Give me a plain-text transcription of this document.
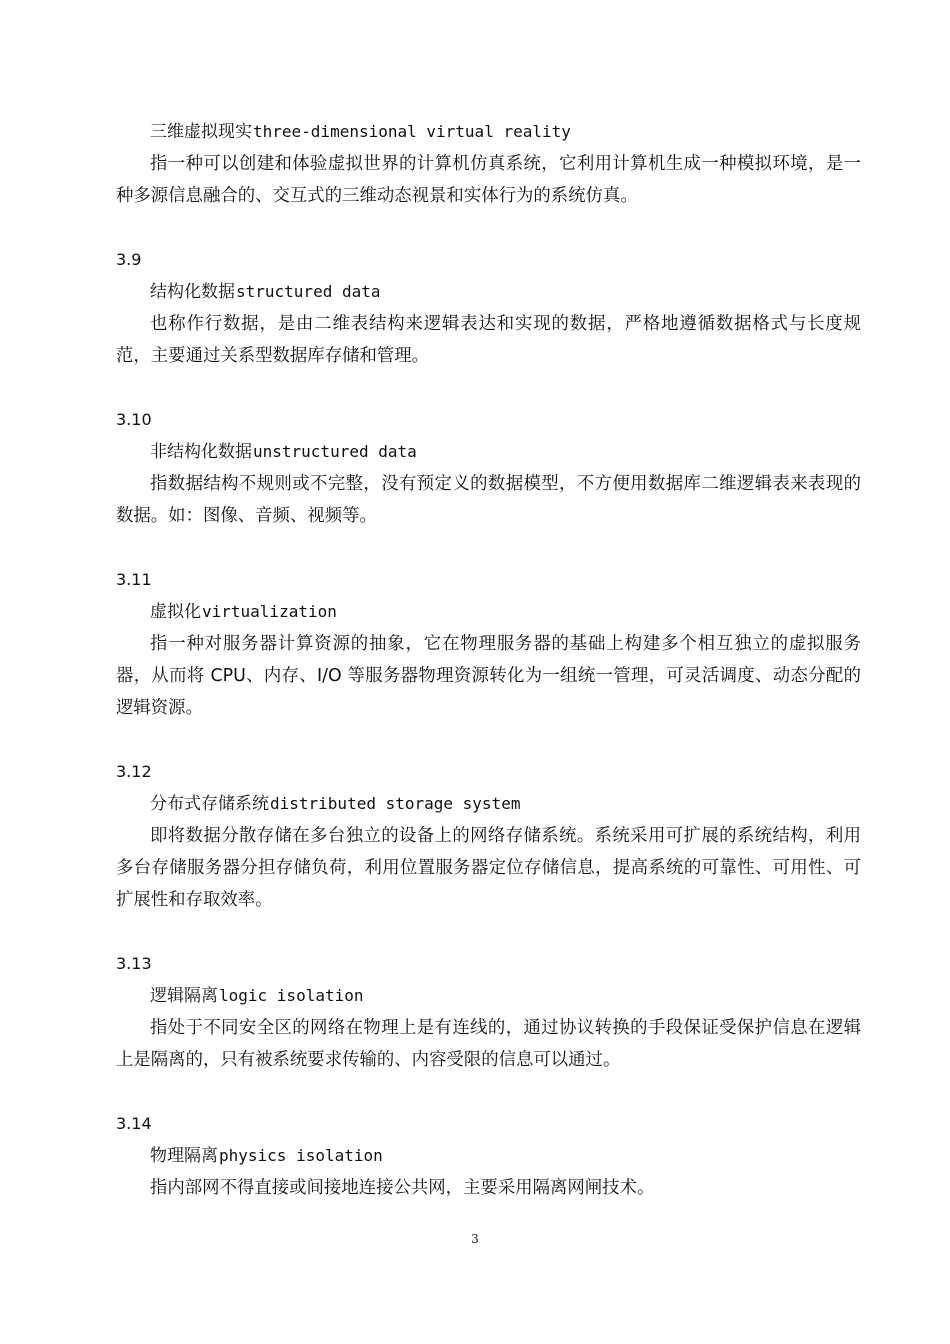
三维虚拟现实three-dimensional virtual reality

指一种可以创建和体验虚拟世界的计算机仿真系统，它利用计算机生成一种模拟环境，是一种多源信息融合的、交互式的三维动态视景和实体行为的系统仿真。

3.9
结构化数据structured data

也称作行数据，是由二维表结构来逻辑表达和实现的数据，严格地遵循数据格式与长度规范，主要通过关系型数据库存储和管理。

3.10
非结构化数据unstructured data

指数据结构不规则或不完整，没有预定义的数据模型，不方便用数据库二维逻辑表来表现的数据。如：图像、音频、视频等。

3.11
虚拟化virtualization

指一种对服务器计算资源的抽象，它在物理服务器的基础上构建多个相互独立的虚拟服务器，从而将 CPU、内存、I/O 等服务器物理资源转化为一组统一管理，可灵活调度、动态分配的逻辑资源。

3.12
分布式存储系统distributed storage system

即将数据分散存储在多台独立的设备上的网络存储系统。系统采用可扩展的系统结构，利用多台存储服务器分担存储负荷，利用位置服务器定位存储信息，提高系统的可靠性、可用性、可扩展性和存取效率。

3.13
逻辑隔离logic isolation

指处于不同安全区的网络在物理上是有连线的，通过协议转换的手段保证受保护信息在逻辑上是隔离的，只有被系统要求传输的、内容受限的信息可以通过。

3.14
物理隔离physics isolation

指内部网不得直接或间接地连接公共网，主要采用隔离网闸技术。

3
